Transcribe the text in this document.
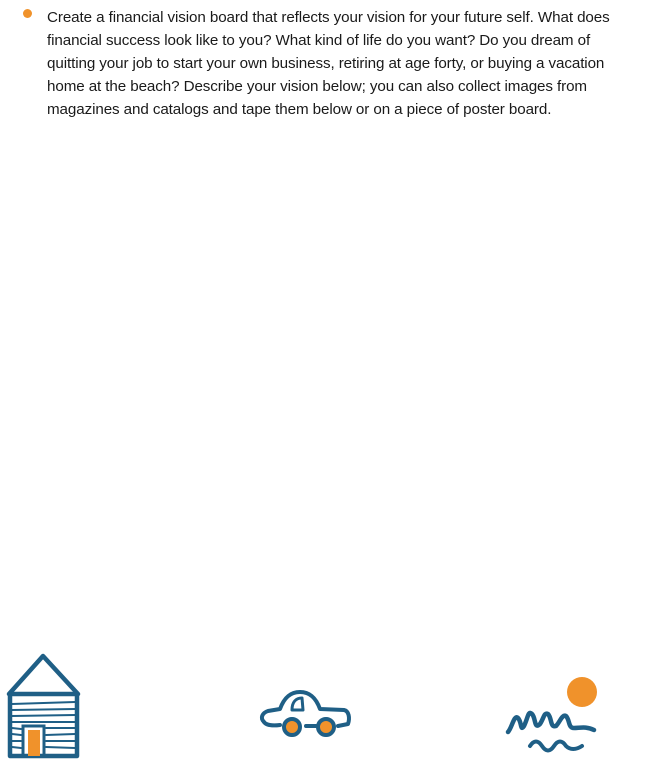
Create a financial vision board that reflects your vision for your future self. What does financial success look like to you? What kind of life do you want? Do you dream of quitting your job to start your own business, retiring at age forty, or buying a vacation home at the beach? Describe your vision below; you can also collect images from magazines and catalogs and tape them below or on a piece of poster board.
